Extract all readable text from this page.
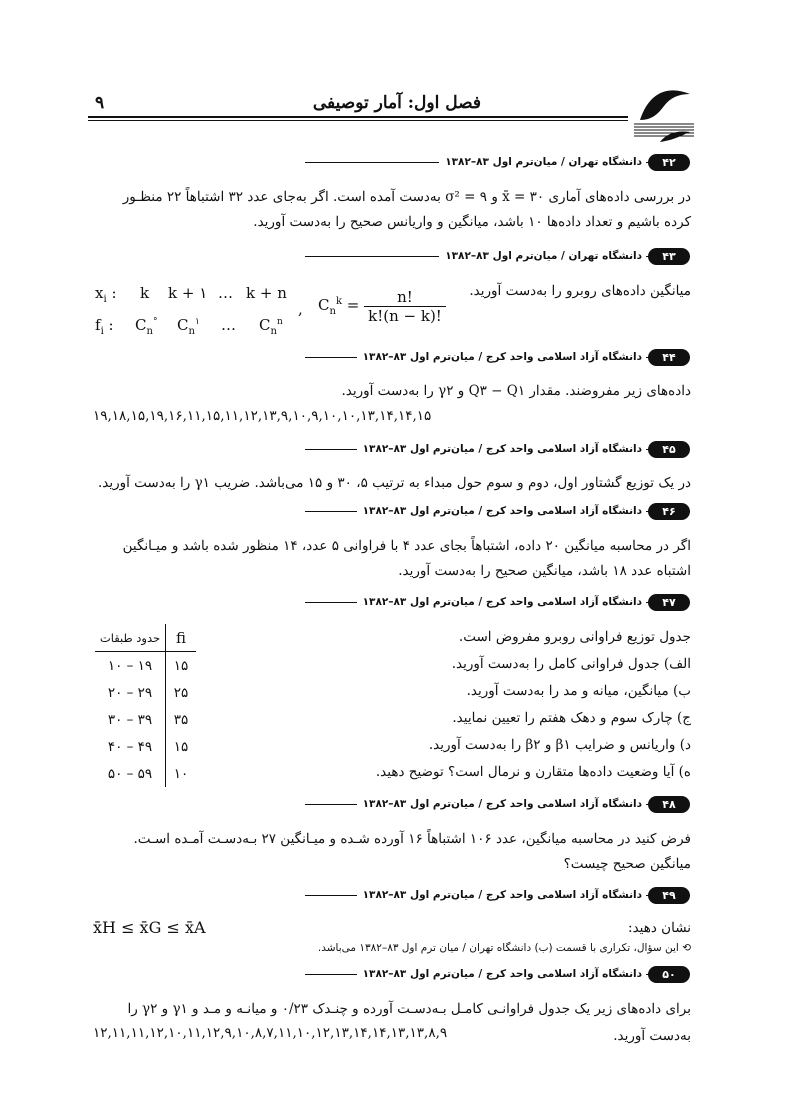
فصل اول: آمار توصیفی
۹
۴۲
دانشگاه تهران / میان‌ترم اول ۸۳–۱۳۸۲
در بررسی داده‌های آماری ۳۰ = x̄ و ۹ = σ² به‌دست آمده است. اگر به‌جای عدد ۳۲ اشتباهاً ۲۲ منظـور
کرده باشیم و تعداد داده‌ها ۱۰ باشد، میانگین و واریانس صحیح را به‌دست آورید.
۴۳
دانشگاه تهران / میان‌ترم اول ۸۳–۱۳۸۲
میانگین داده‌های روبرو را به‌دست آورید.
$x_i$ : k k + ۱ … k + n
$f_i$ : $C_n^\circ$ $C_n^۱$ … $C_n^n$
, $C_n^k = \frac{n!}{k!(n - k)!}$
۴۴
دانشگاه آزاد اسلامی واحد کرج / میان‌ترم اول ۸۳–۱۳۸۲
داده‌های زیر مفروضند. مقدار Q۳ − Q۱ و γ۲ را به‌دست آورید.
۱۹,۱۸,۱۵,۱۹,۱۶,۱۱,۱۵,۱۱,۱۲,۱۳,۹,۱۰,۹,۱۰,۱۰,۱۳,۱۴,۱۴,۱۵
۴۵
دانشگاه آزاد اسلامی واحد کرج / میان‌ترم اول ۸۳–۱۳۸۲
در یک توزیع گشتاور اول، دوم و سوم حول مبداء به ترتیب ۵، ۳۰ و ۱۵ می‌باشد. ضریب γ۱ را به‌دست آورید.
۴۶
دانشگاه آزاد اسلامی واحد کرج / میان‌ترم اول ۸۳–۱۳۸۲
اگر در محاسبه میانگین ۲۰ داده، اشتباهاً بجای عدد ۴ با فراوانی ۵ عدد، ۱۴ منظور شده باشد و میـانگین
اشتباه عدد ۱۸ باشد، میانگین صحیح را به‌دست آورید.
۴۷
دانشگاه آزاد اسلامی واحد کرج / میان‌ترم اول ۸۳–۱۳۸۲
جدول توزیع فراوانی روبرو مفروض است.
الف) جدول فراوانی کامل را به‌دست آورید.
ب) میانگین، میانه و مد را به‌دست آورید.
ج) چارک سوم و دهک هفتم را تعیین نمایید.
د) واریانس و ضرایب β۱ و β۲ را به‌دست آورید.
ه) آیا وضعیت داده‌ها متقارن و نرمال است؟ توضیح دهید.
حدود طبقات	fi
۱۰ – ۱۹	۱۵
۲۰ – ۲۹	۲۵
۳۰ – ۳۹	۳۵
۴۰ – ۴۹	۱۵
۵۰ – ۵۹	۱۰
۴۸
دانشگاه آزاد اسلامی واحد کرج / میان‌ترم اول ۸۳–۱۳۸۲
فرض کنید در محاسبه میانگین، عدد ۱۰۶ اشتباهاً ۱۶ آورده شـده و میـانگین ۲۷ بـه‌دسـت آمـده اسـت.
میانگین صحیح چیست؟
۴۹
دانشگاه آزاد اسلامی واحد کرج / میان‌ترم اول ۸۳–۱۳۸۲
نشان دهید:
x̄H ≤ x̄G ≤ x̄A
⟲ این سؤال، تکراری با قسمت (ب) دانشگاه تهران / میان ترم اول ۸۳–۱۳۸۲ می‌باشد.
۵۰
دانشگاه آزاد اسلامی واحد کرج / میان‌ترم اول ۸۳–۱۳۸۲
برای داده‌های زیر یک جدول فراوانـی کامـل بـه‌دسـت آورده و چنـدک ۰/۲۳ و میانـه و مـد و γ۱ و γ۲ را
به‌دست آورید.
۱۲,۱۱,۱۱,۱۲,۱۰,۱۱,۱۲,۹,۱۰,۸,۷,۱۱,۱۰,۱۲,۱۳,۱۴,۱۴,۱۳,۱۳,۸,۹
